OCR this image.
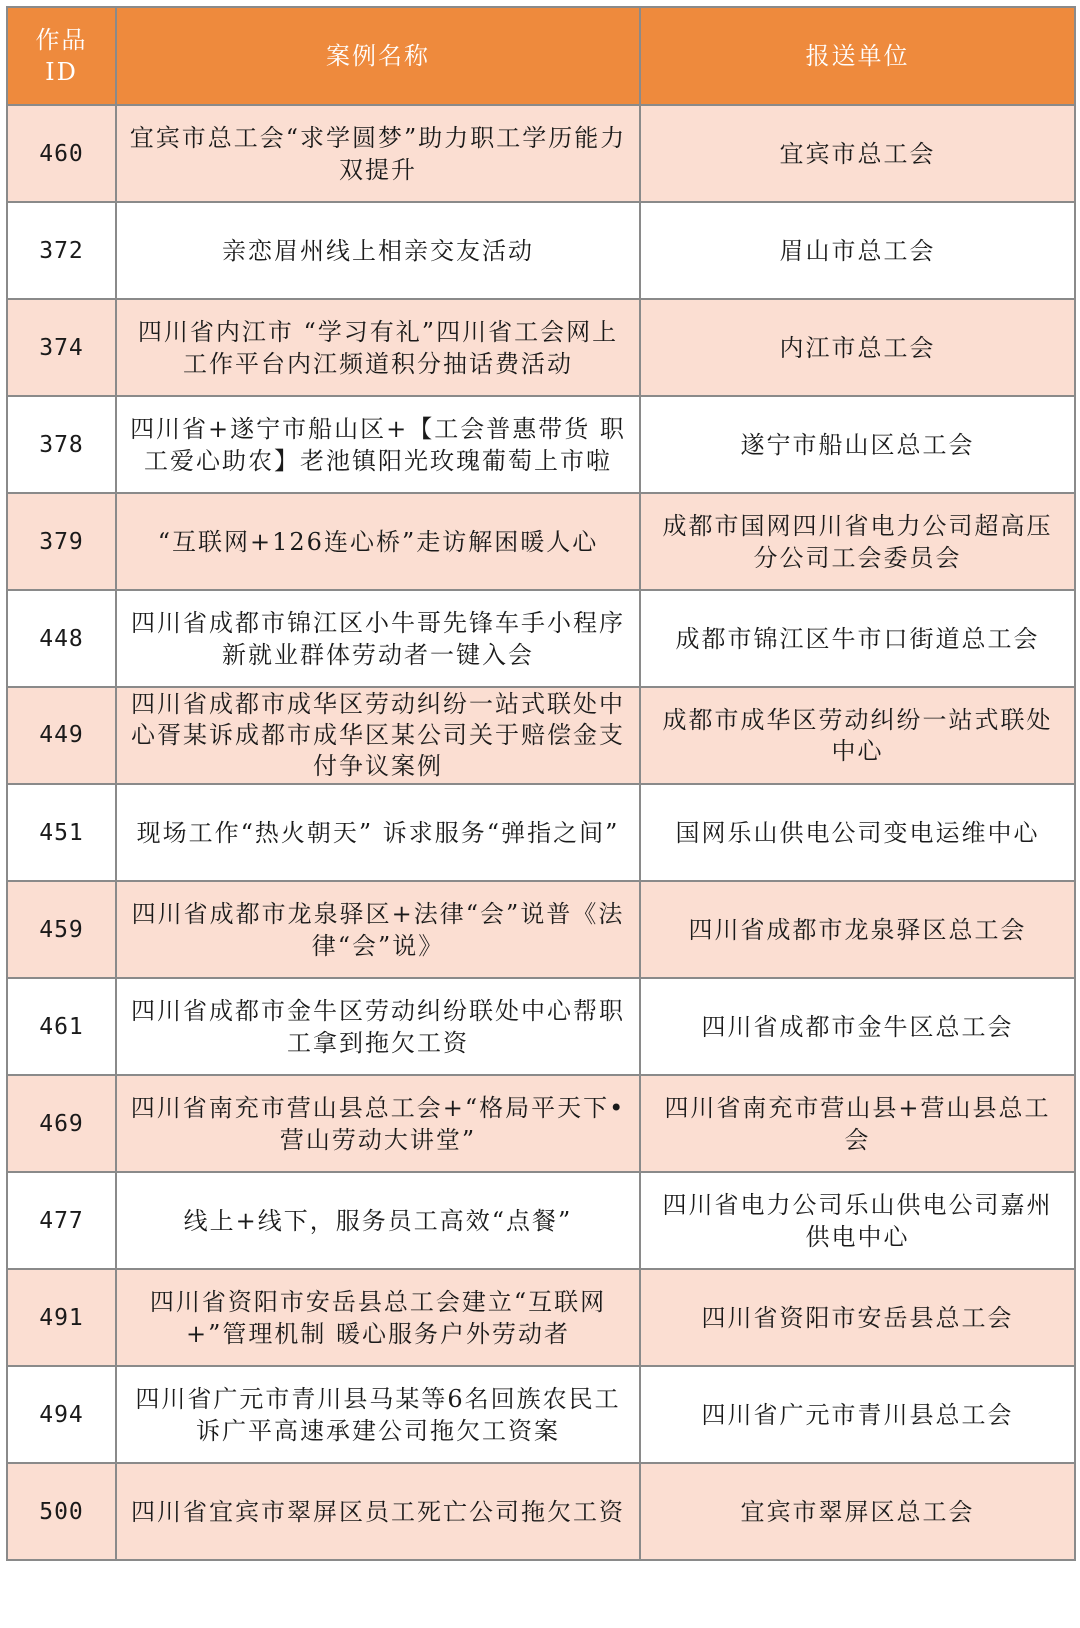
作品ID	案例名称	报送单位
460	宜宾市总工会“求学圆梦”助力职工学历能力双提升	宜宾市总工会
372	亲恋眉州线上相亲交友活动	眉山市总工会
374	四川省内江市 “学习有礼”四川省工会网上工作平台内江频道积分抽话费活动	内江市总工会
378	四川省+遂宁市船山区+【工会普惠带货 职工爱心助农】老池镇阳光玫瑰葡萄上市啦	遂宁市船山区总工会
379	“互联网+126连心桥”走访解困暖人心	成都市国网四川省电力公司超高压分公司工会委员会
448	四川省成都市锦江区小牛哥先锋车手小程序新就业群体劳动者一键入会	成都市锦江区牛市口街道总工会
449	四川省成都市成华区劳动纠纷一站式联处中心胥某诉成都市成华区某公司关于赔偿金支付争议案例	成都市成华区劳动纠纷一站式联处中心
451	现场工作“热火朝天” 诉求服务“弹指之间”	国网乐山供电公司变电运维中心
459	四川省成都市龙泉驿区+法律“会”说普《法律“会”说》	四川省成都市龙泉驿区总工会
461	四川省成都市金牛区劳动纠纷联处中心帮职工拿到拖欠工资	四川省成都市金牛区总工会
469	四川省南充市营山县总工会+“格局平天下•营山劳动大讲堂”	四川省南充市营山县+营山县总工会
477	线上+线下，服务员工高效“点餐”	四川省电力公司乐山供电公司嘉州供电中心
491	四川省资阳市安岳县总工会建立“互联网+”管理机制 暖心服务户外劳动者	四川省资阳市安岳县总工会
494	四川省广元市青川县马某等6名回族农民工诉广平高速承建公司拖欠工资案	四川省广元市青川县总工会
500	四川省宜宾市翠屏区员工死亡公司拖欠工资	宜宾市翠屏区总工会
